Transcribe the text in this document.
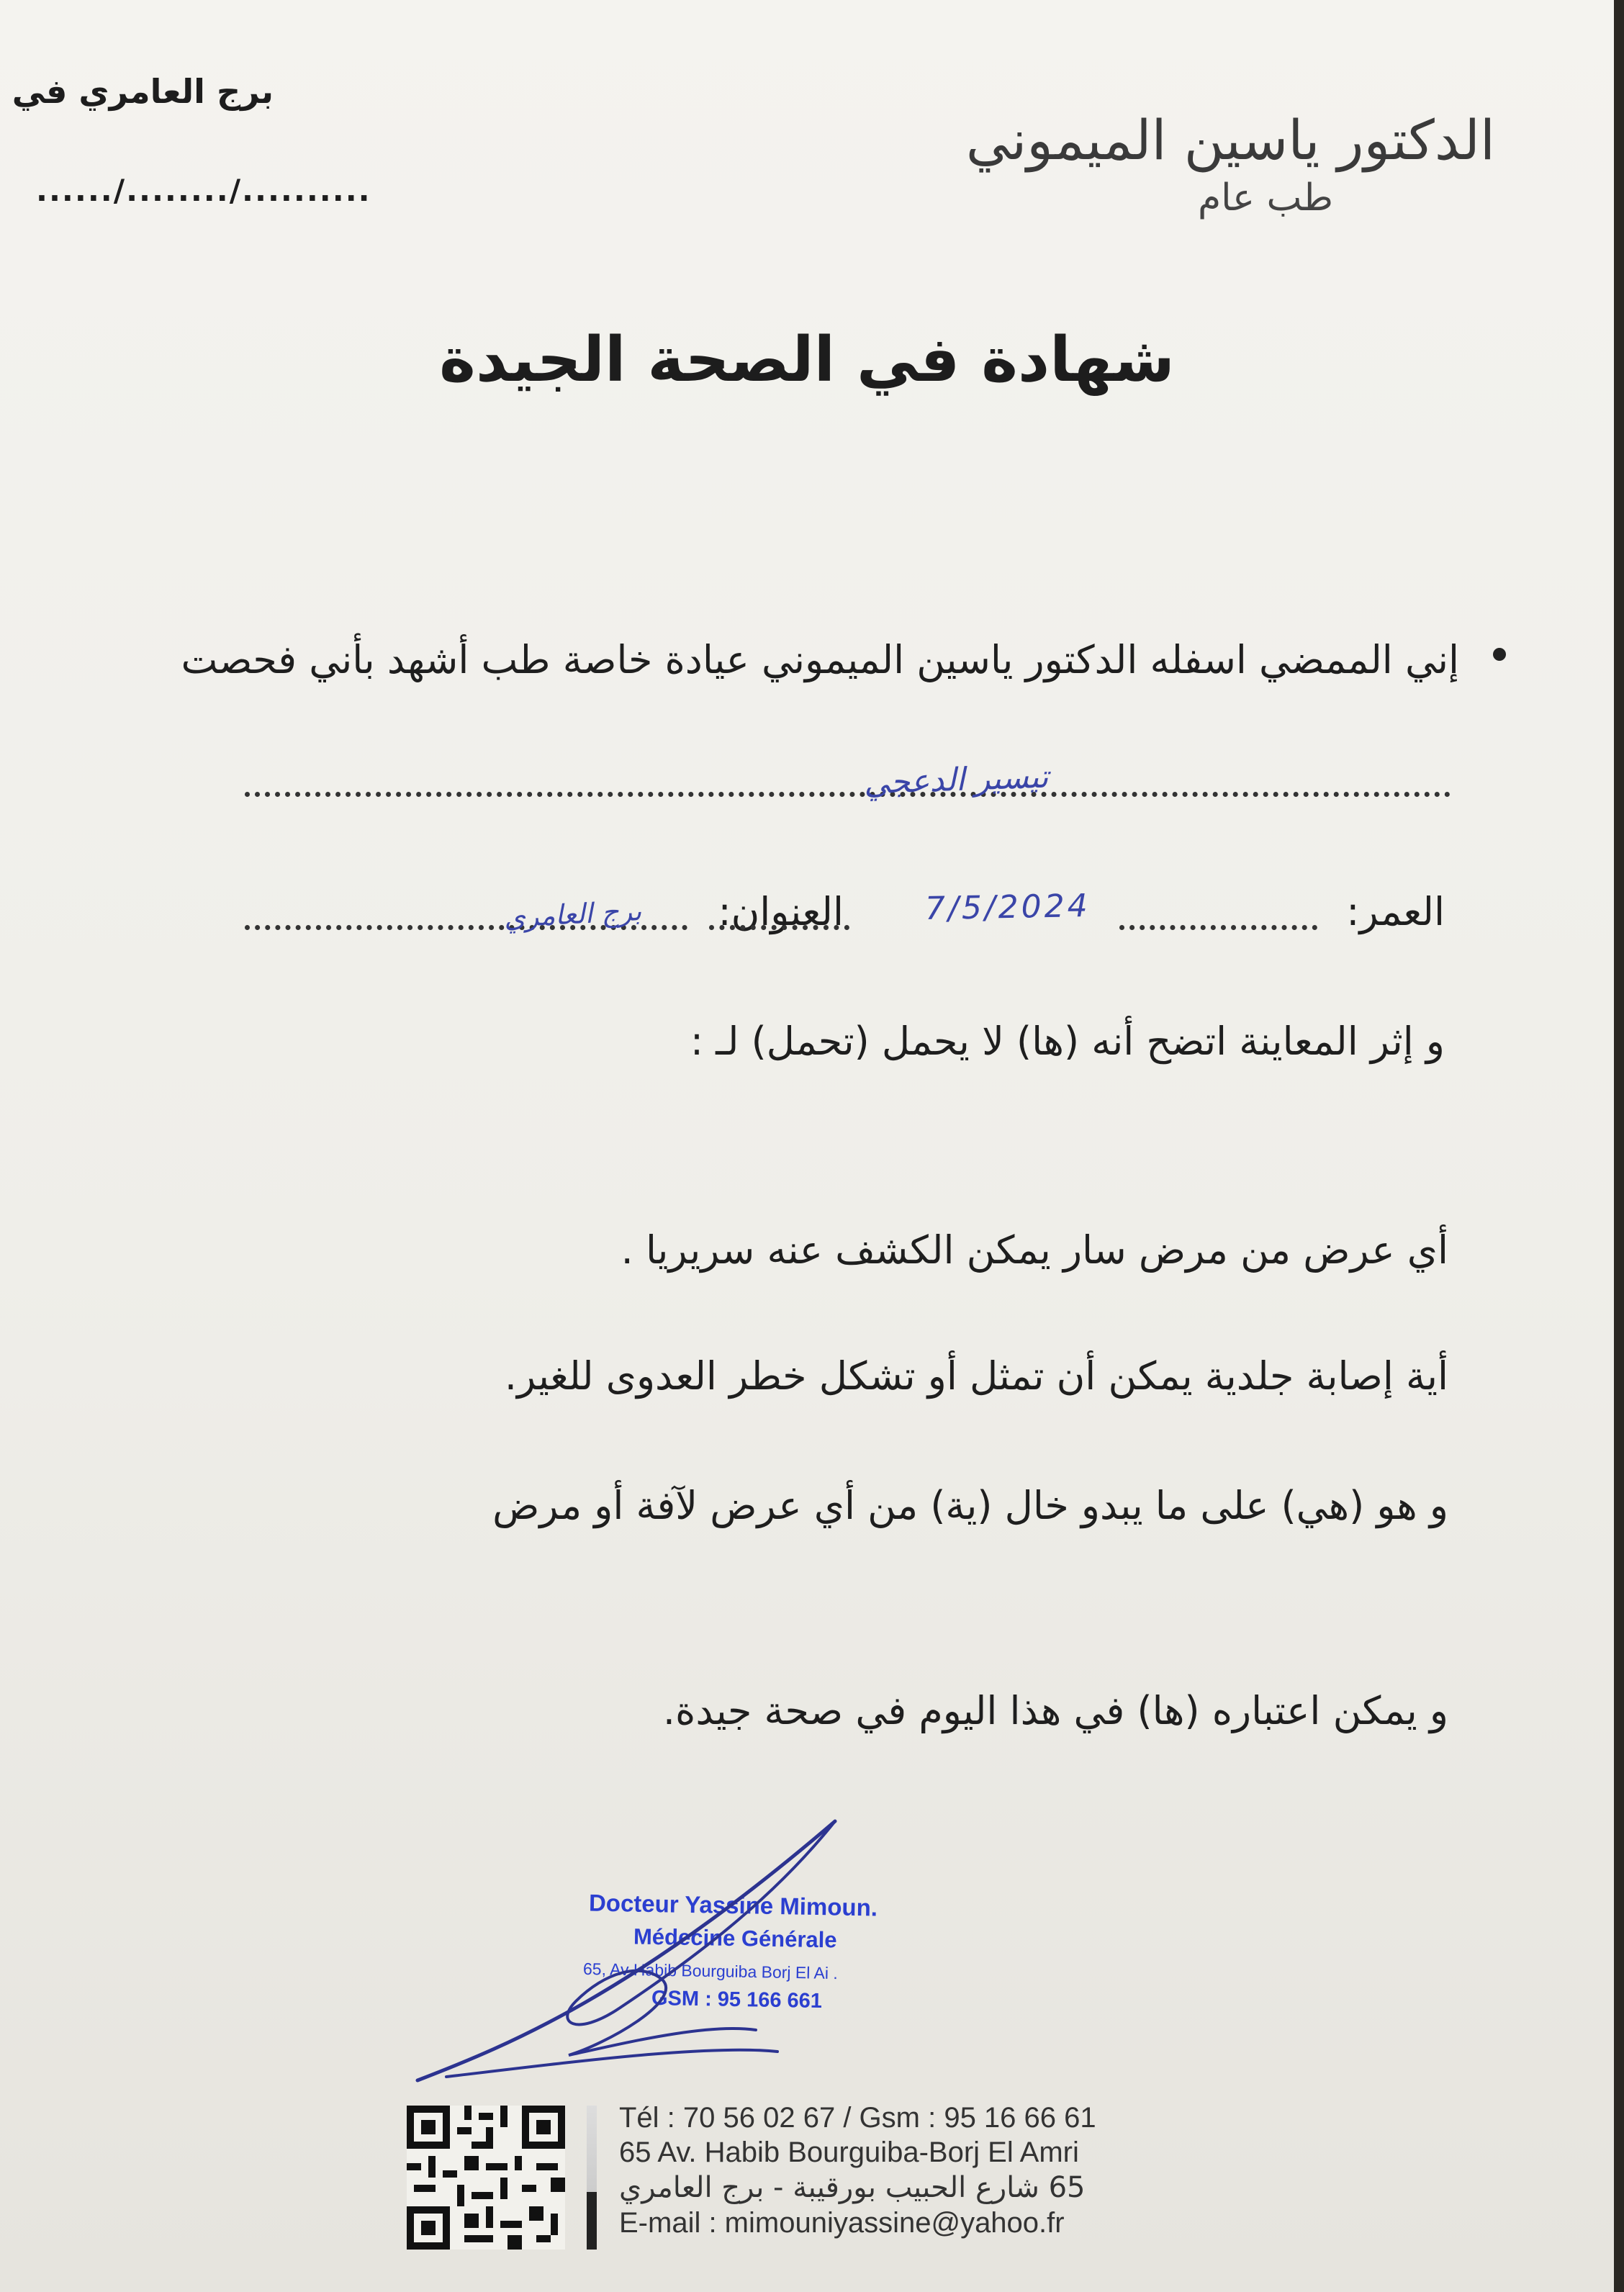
برج العامري في
....../......../..........
الدكتور ياسين الميموني
طب عام
شهادة في الصحة الجيدة
إني الممضي اسفله الدكتور ياسين الميموني عيادة خاصة طب أشهد بأني فحصت
تيسير الدعجي
العمر:
7/5/2024
العنوان:
برج العامري
و إثر المعاينة اتضح أنه (ها) لا يحمل (تحمل) لـ :
أي عرض من مرض سار يمكن الكشف عنه سريريا .
أية إصابة جلدية يمكن أن تمثل أو تشكل خطر العدوى للغير.
و هو (هي) على ما يبدو خال (ية) من أي عرض لآفة أو مرض
و يمكن اعتباره (ها) في هذا اليوم في صحة جيدة.
Docteur Yassine Mimoun.
Médecine Générale
65, Av Habib Bourguiba Borj El Ai .
GSM : 95 166 661
Tél : 70 56 02 67 / Gsm : 95 16 66 61
65 Av. Habib Bourguiba-Borj El Amri
65 شارع الحبيب بورقيبة - برج العامري
E-mail : mimouniyassine@yahoo.fr
